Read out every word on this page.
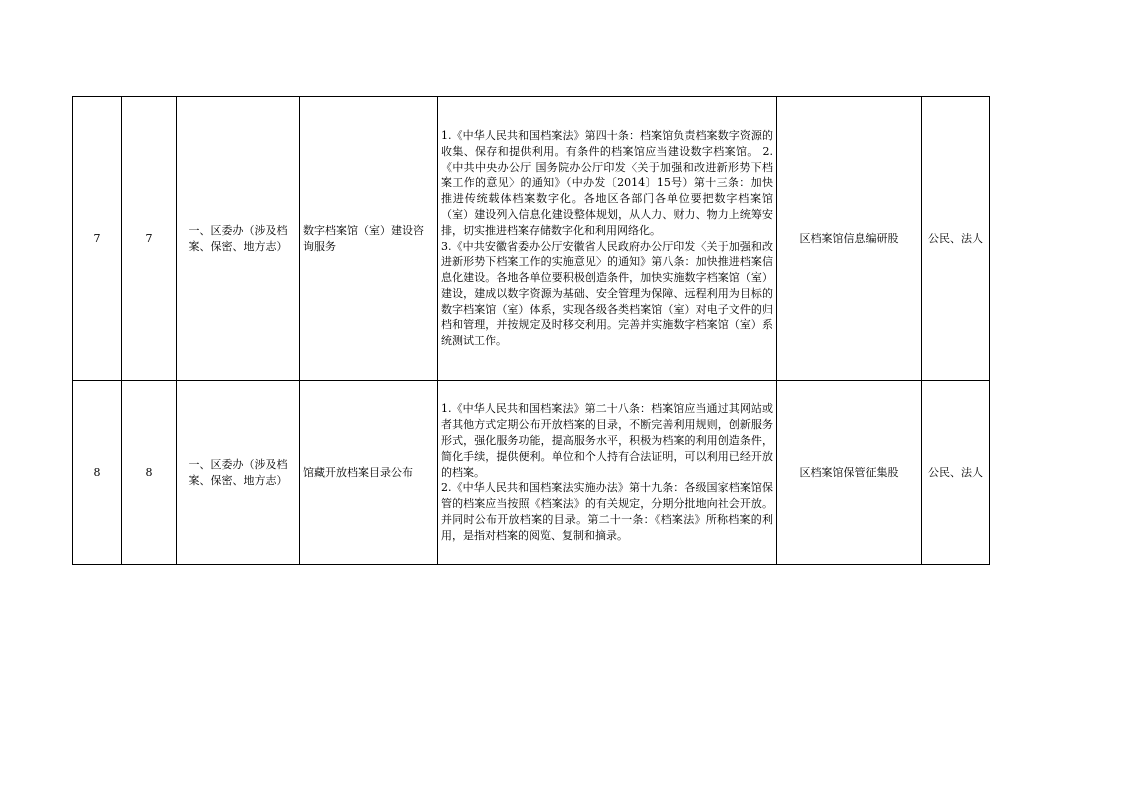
7	7	一、区委办（涉及档案、保密、地方志）	数字档案馆（室）建设咨询服务	1.《中华人民共和国档案法》第四十条：档案馆负责档案数字资源的收集、保存和提供利用。有条件的档案馆应当建设数字档案馆。 2.《中共中央办公厅 国务院办公厅印发〈关于加强和改进新形势下档案工作的意见〉的通知》（中办发〔2014〕15号）第十三条：加快推进传统载体档案数字化。各地区各部门各单位要把数字档案馆（室）建设列入信息化建设整体规划，从人力、财力、物力上统筹安排，切实推进档案存储数字化和利用网络化。

3.《中共安徽省委办公厅安徽省人民政府办公厅印发〈关于加强和改进新形势下档案工作的实施意见〉的通知》第八条：加快推进档案信息化建设。各地各单位要积极创造条件，加快实施数字档案馆（室）建设，建成以数字资源为基础、安全管理为保障、远程利用为目标的数字档案馆（室）体系，实现各级各类档案馆（室）对电子文件的归档和管理，并按规定及时移交利用。完善并实施数字档案馆（室）系统测试工作。	区档案馆信息编研股	公民、法人
8	8	一、区委办（涉及档案、保密、地方志）	馆藏开放档案目录公布	1.《中华人民共和国档案法》第二十八条：档案馆应当通过其网站或者其他方式定期公布开放档案的目录，不断完善利用规则，创新服务形式，强化服务功能，提高服务水平，积极为档案的利用创造条件，简化手续，提供便利。单位和个人持有合法证明，可以利用已经开放的档案。

2.《中华人民共和国档案法实施办法》第十九条：各级国家档案馆保管的档案应当按照《档案法》的有关规定，分期分批地向社会开放。并同时公布开放档案的目录。第二十一条：《档案法》所称档案的利用，是指对档案的阅览、复制和摘录。	区档案馆保管征集股	公民、法人
